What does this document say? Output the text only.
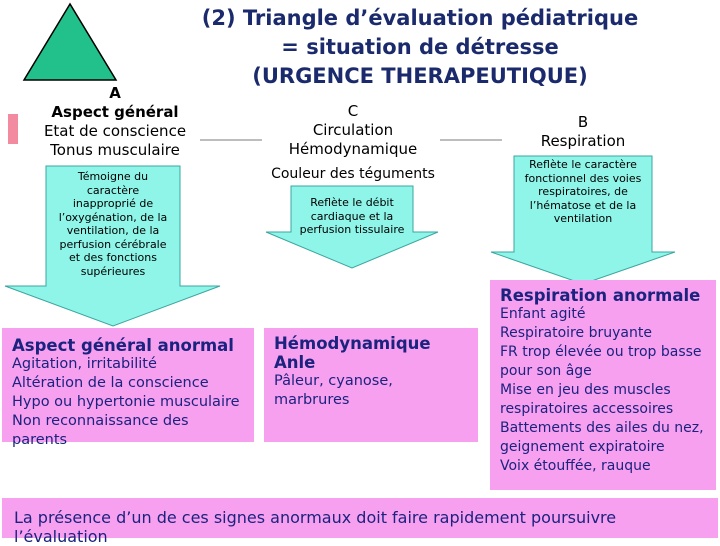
(2) Triangle d’évaluation pédiatrique
= situation de détresse
(URGENCE THERAPEUTIQUE)
A
Aspect général
Etat de conscience
Tonus musculaire
C
Circulation
Hémodynamique
Couleur des téguments
B
Respiration
Témoigne du
caractère
inapproprié de
l’oxygénation, de la
ventilation, de la
perfusion cérébrale
et des fonctions
supérieures
Reflète le débit
cardiaque et la
perfusion tissulaire
Reflète le caractère
fonctionnel des voies
respiratoires, de
l’hématose et de la
ventilation
Aspect général anormal
Agitation, irritabilité
Altération de la conscience
Hypo ou hypertonie musculaire
Non reconnaissance des parents
Hémodynamique Anle
Pâleur, cyanose, marbrures
Respiration anormale
Enfant agité
Respiratoire bruyante
FR trop élevée ou trop basse
pour son âge
Mise en jeu des muscles
respiratoires accessoires
Battements des ailes du nez,
geignement expiratoire
Voix étouffée, rauque
La présence d’un de ces signes anormaux doit faire rapidement poursuivre l’évaluation
